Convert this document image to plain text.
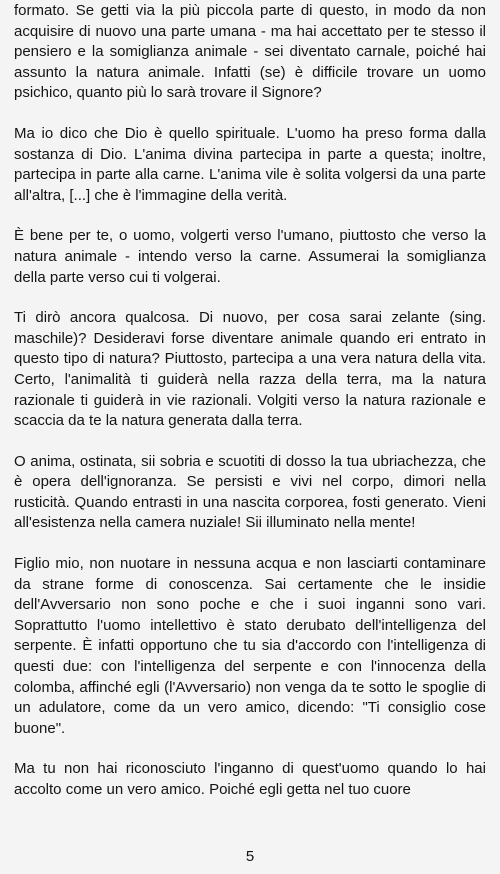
formato. Se getti via la più piccola parte di questo, in modo da non acquisire di nuovo una parte umana - ma hai accettato per te stesso il pensiero e la somiglianza animale - sei diventato carnale, poiché hai assunto la natura animale. Infatti (se) è difficile trovare un uomo psichico, quanto più lo sarà trovare il Signore?

Ma io dico che Dio è quello spirituale. L'uomo ha preso forma dalla sostanza di Dio. L'anima divina partecipa in parte a questa; inoltre, partecipa in parte alla carne. L'anima vile è solita volgersi da una parte all'altra, [...] che è l'immagine della verità.

È bene per te, o uomo, volgerti verso l'umano, piuttosto che verso la natura animale - intendo verso la carne. Assumerai la somiglianza della parte verso cui ti volgerai.

Ti dirò ancora qualcosa. Di nuovo, per cosa sarai zelante (sing. maschile)? Desideravi forse diventare animale quando eri entrato in questo tipo di natura? Piuttosto, partecipa a una vera natura della vita. Certo, l'animalità ti guiderà nella razza della terra, ma la natura razionale ti guiderà in vie razionali. Volgiti verso la natura razionale e scaccia da te la natura generata dalla terra.

O anima, ostinata, sii sobria e scuotiti di dosso la tua ubriachezza, che è opera dell'ignoranza. Se persisti e vivi nel corpo, dimori nella rusticità. Quando entrasti in una nascita corporea, fosti generato. Vieni all'esistenza nella camera nuziale! Sii illuminato nella mente!

Figlio mio, non nuotare in nessuna acqua e non lasciarti contaminare da strane forme di conoscenza. Sai certamente che le insidie dell'Avversario non sono poche e che i suoi inganni sono vari. Soprattutto l'uomo intellettivo è stato derubato dell'intelligenza del serpente. È infatti opportuno che tu sia d'accordo con l'intelligenza di questi due: con l'intelligenza del serpente e con l'innocenza della colomba, affinché egli (l'Avversario) non venga da te sotto le spoglie di un adulatore, come da un vero amico, dicendo: "Ti consiglio cose buone".

Ma tu non hai riconosciuto l'inganno di quest'uomo quando lo hai accolto come un vero amico. Poiché egli getta nel tuo cuore

5
